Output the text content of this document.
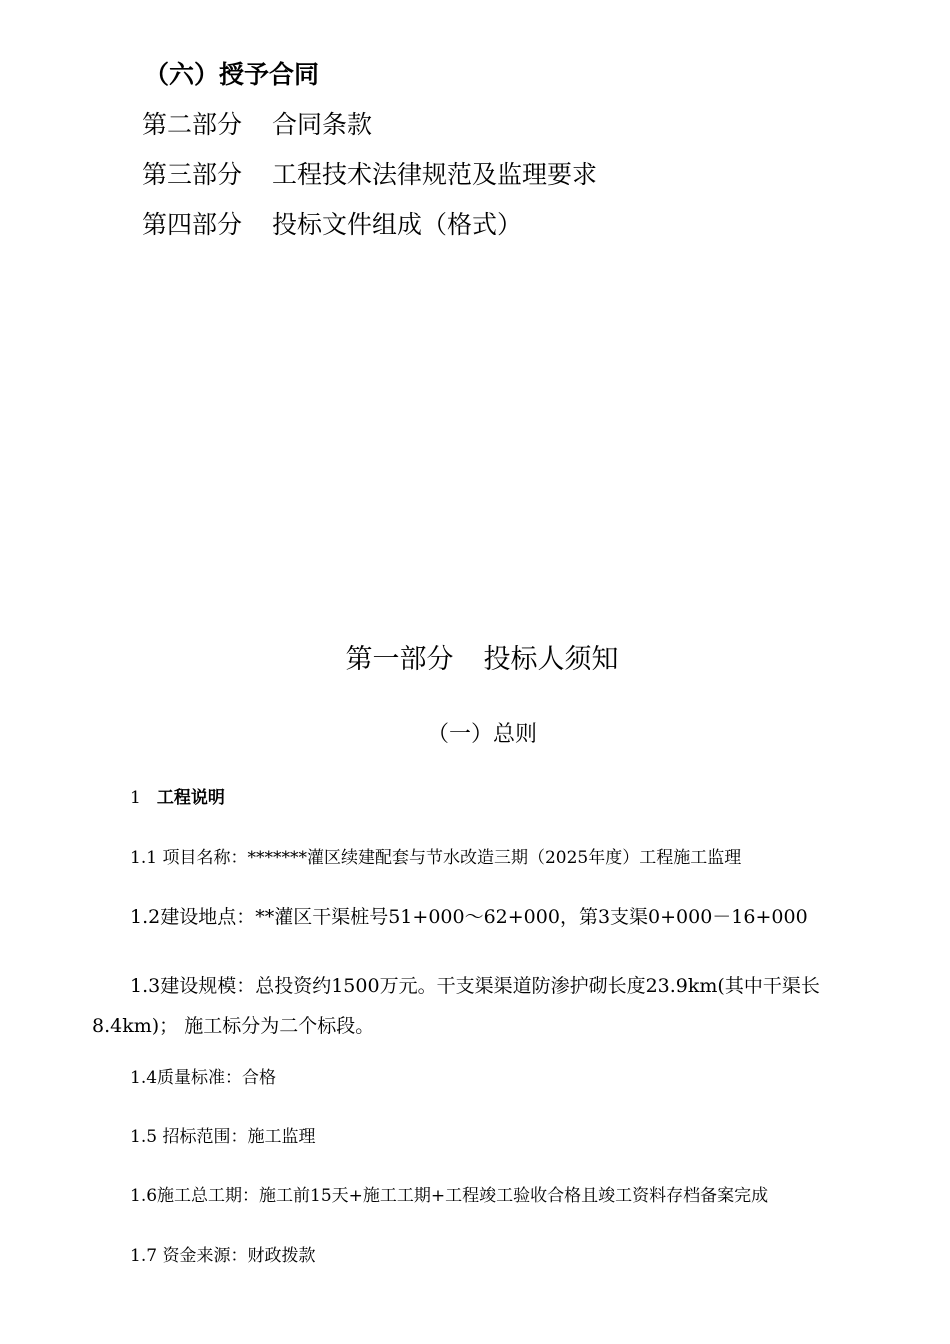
（六）授予合同
第二部分 合同条款
第三部分 工程技术法律规范及监理要求
第四部分 投标文件组成（格式）
第一部分 投标人须知
（一）总则
1 工程说明
1.1 项目名称：*******灌区续建配套与节水改造三期（2025年度）工程施工监理
1.2建设地点：**灌区干渠桩号51+000～62+000，第3支渠0+000－16+000
1.3建设规模：总投资约1500万元。干支渠渠道防渗护砌长度23.9km(其中干渠长8.4km)； 施工标分为二个标段。
1.4质量标准：合格
1.5 招标范围：施工监理
1.6施工总工期：施工前15天+施工工期+工程竣工验收合格且竣工资料存档备案完成
1.7 资金来源：财政拨款
